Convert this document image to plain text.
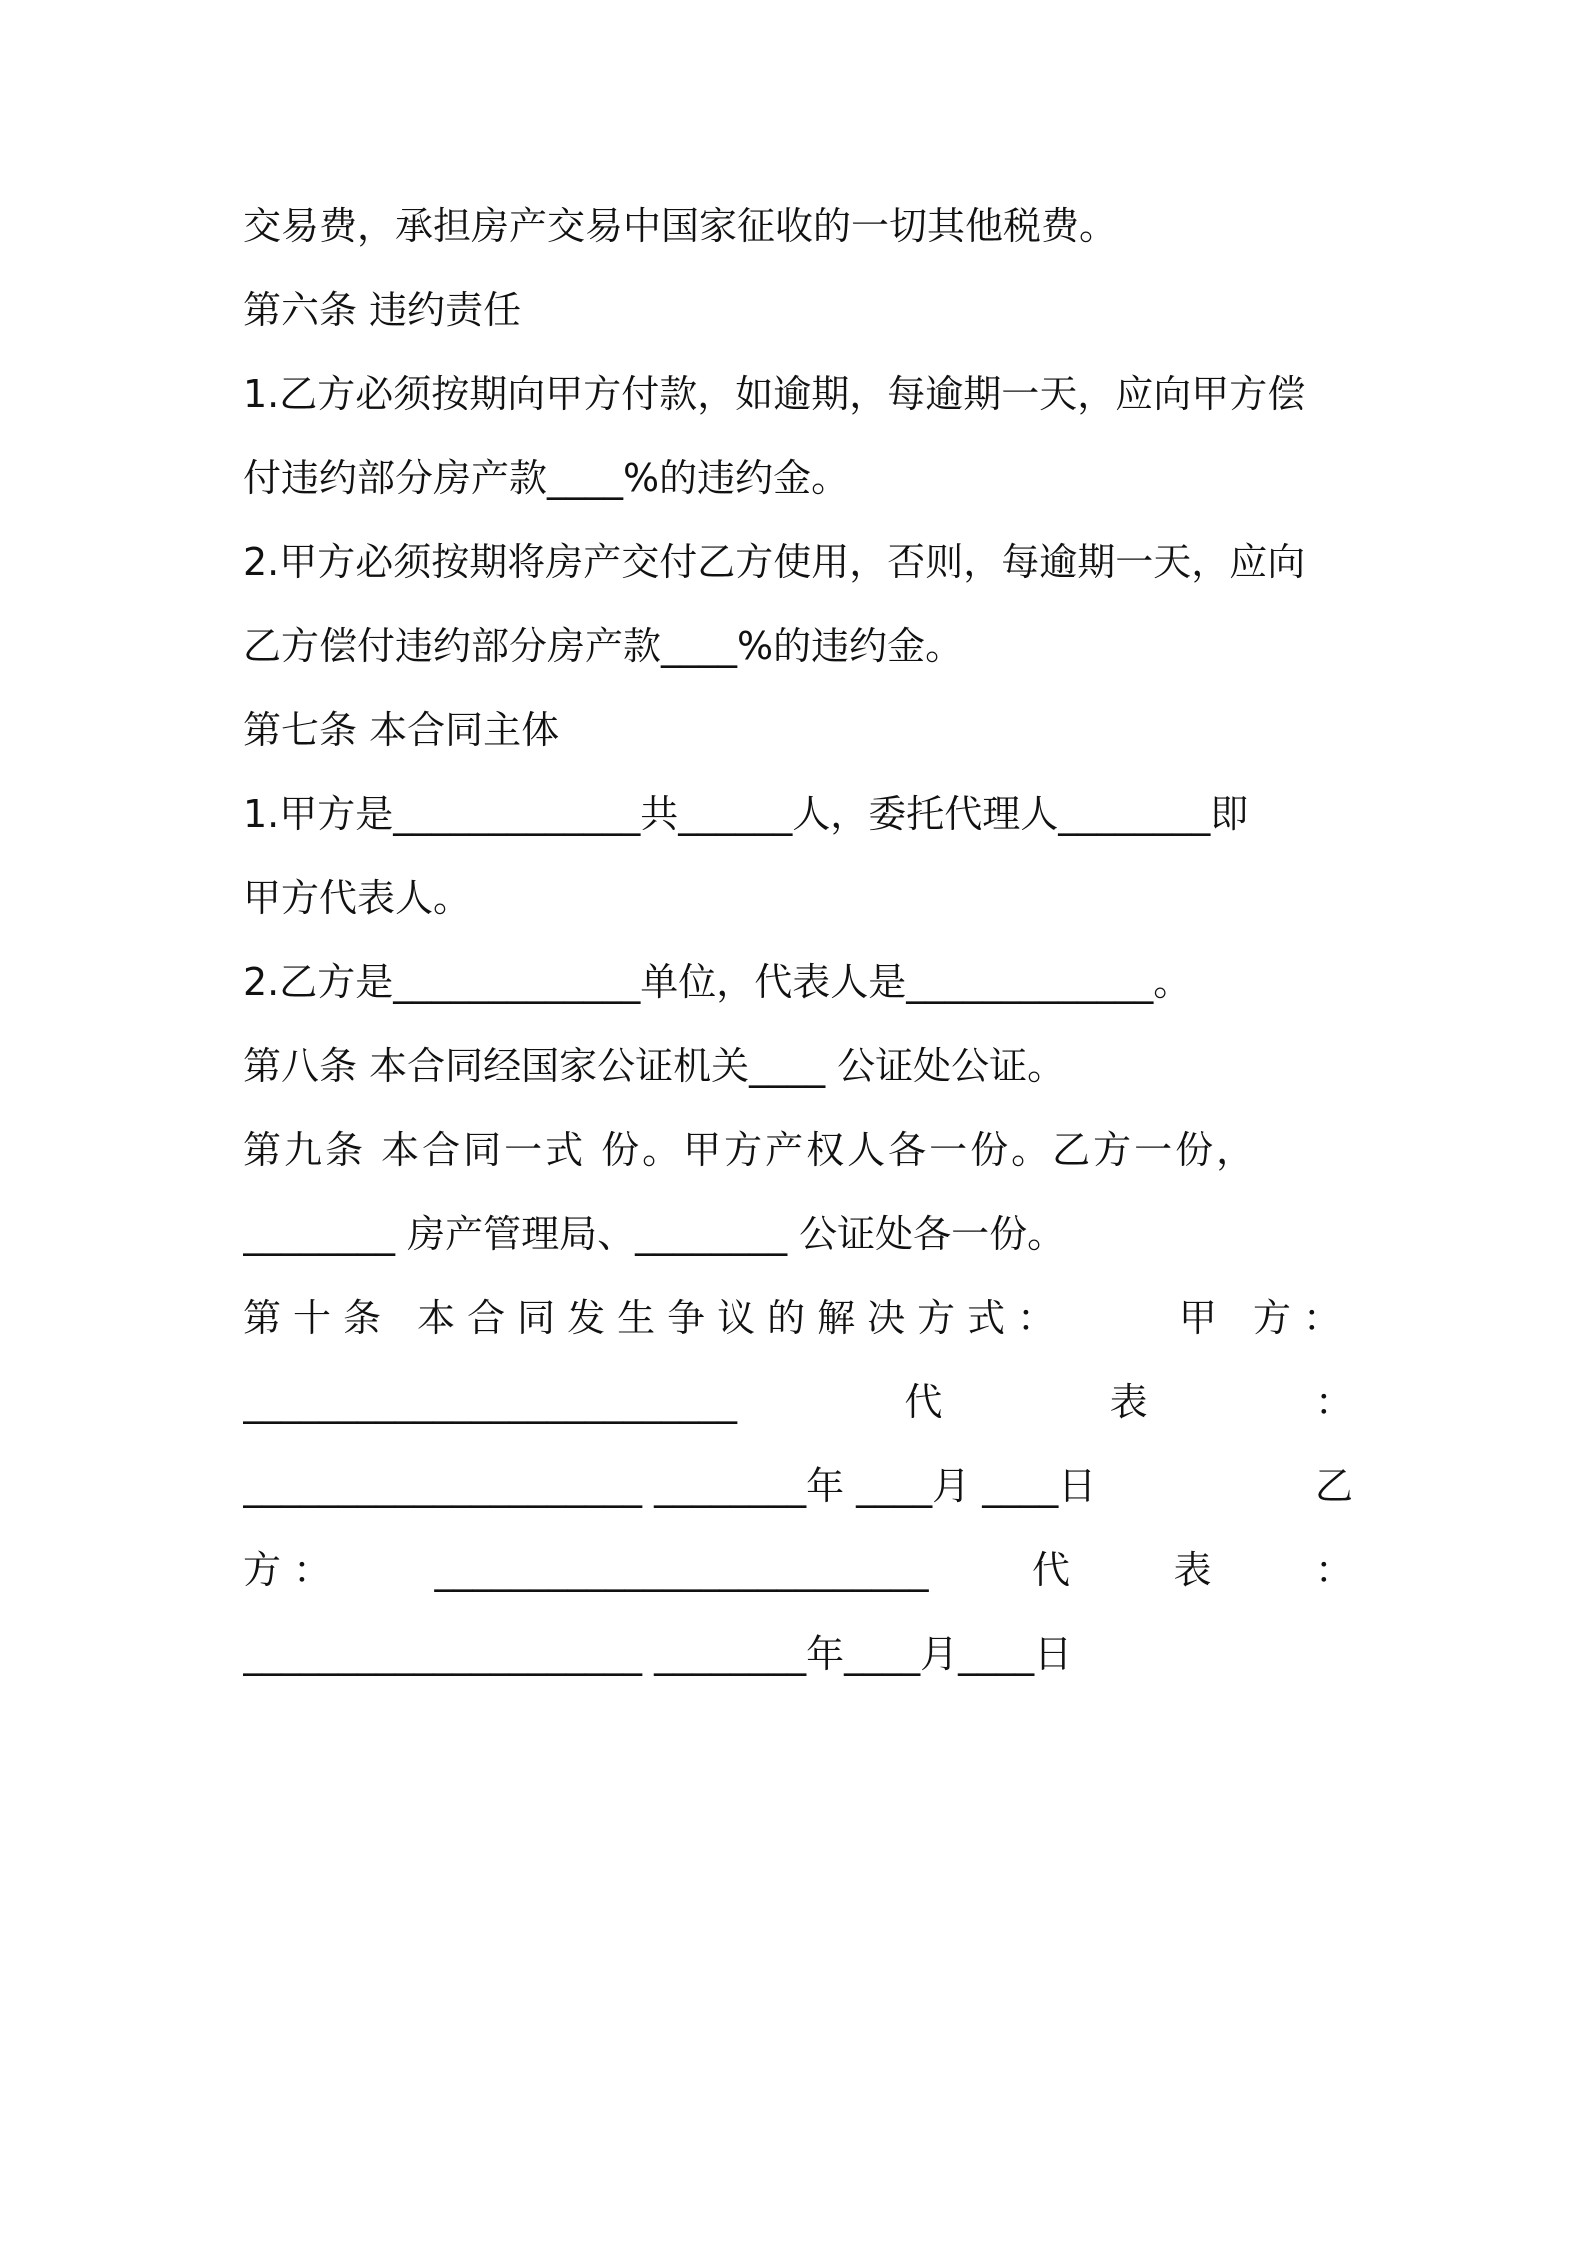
交易费，承担房产交易中国家征收的一切其他税费。
第六条 违约责任
1.乙方必须按期向甲方付款，如逾期，每逾期一天，应向甲方偿
付违约部分房产款____%的违约金。
2.甲方必须按期将房产交付乙方使用，否则，每逾期一天，应向
乙方偿付违约部分房产款____%的违约金。
第七条 本合同主体
1.甲方是_____________共______人，委托代理人________即
甲方代表人。
2.乙方是_____________单位，代表人是_____________。
第八条 本合同经国家公证机关____ 公证处公证。
第九条 本合同一式 份。甲方产权人各一份。乙方一份，
________ 房产管理局、________ 公证处各一份。
第十条 本合同发生争议的解决方式：	甲 方：
__________________________	代	表	：
_____________________ ________年 ____月 ____日	乙
方 ：	__________________________	代	表	：
_____________________ ________年____月____日
